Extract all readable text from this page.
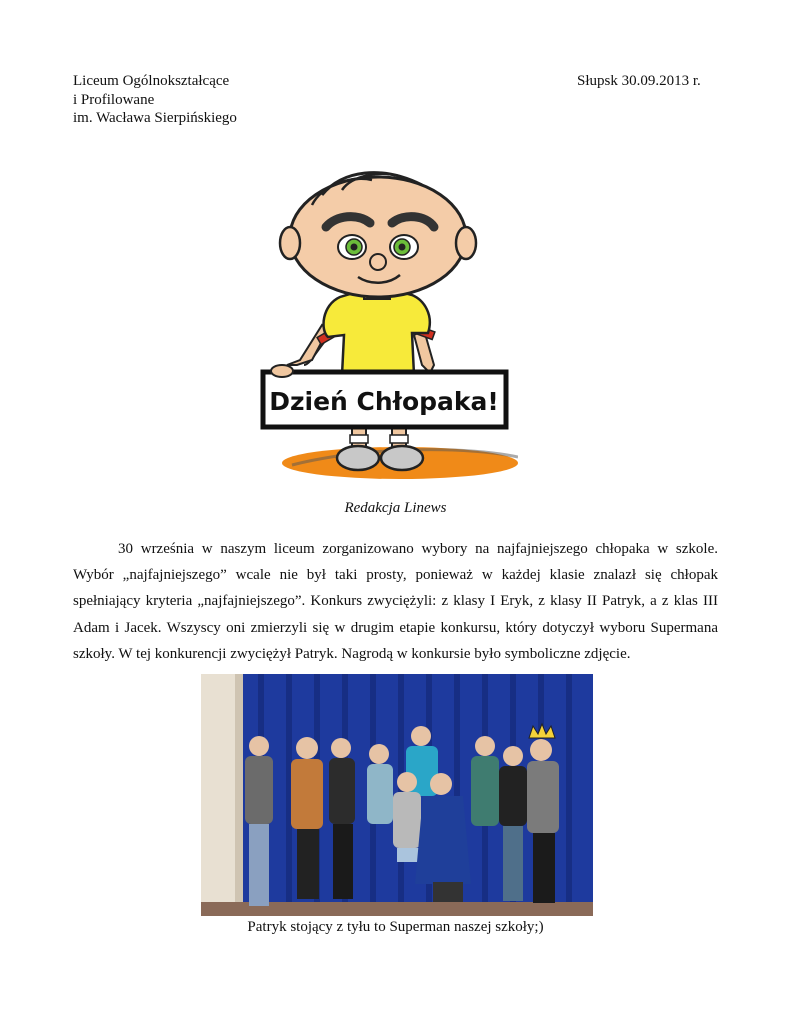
Liceum Ogólnokształcące
i Profilowane
im. Wacława Sierpińskiego
Słupsk 30.09.2013 r.
Dzień Chłopaka!
Redakcja Linews

30 września w naszym liceum zorganizowano wybory na najfajniejszego chłopaka w szkole. Wybór „najfajniejszego” wcale nie był taki prosty, ponieważ w każdej klasie znalazł się chłopak spełniający kryteria „najfajniejszego”. Konkurs zwyciężyli: z klasy I Eryk, z klasy II Patryk, a z klas III Adam i Jacek. Wszyscy oni zmierzyli się w drugim etapie konkursu, który dotyczył wyboru Supermana szkoły. W tej konkurencji zwyciężył Patryk. Nagrodą w konkursie było symboliczne zdjęcie.

Patryk stojący z tyłu to Superman naszej szkoły;)
